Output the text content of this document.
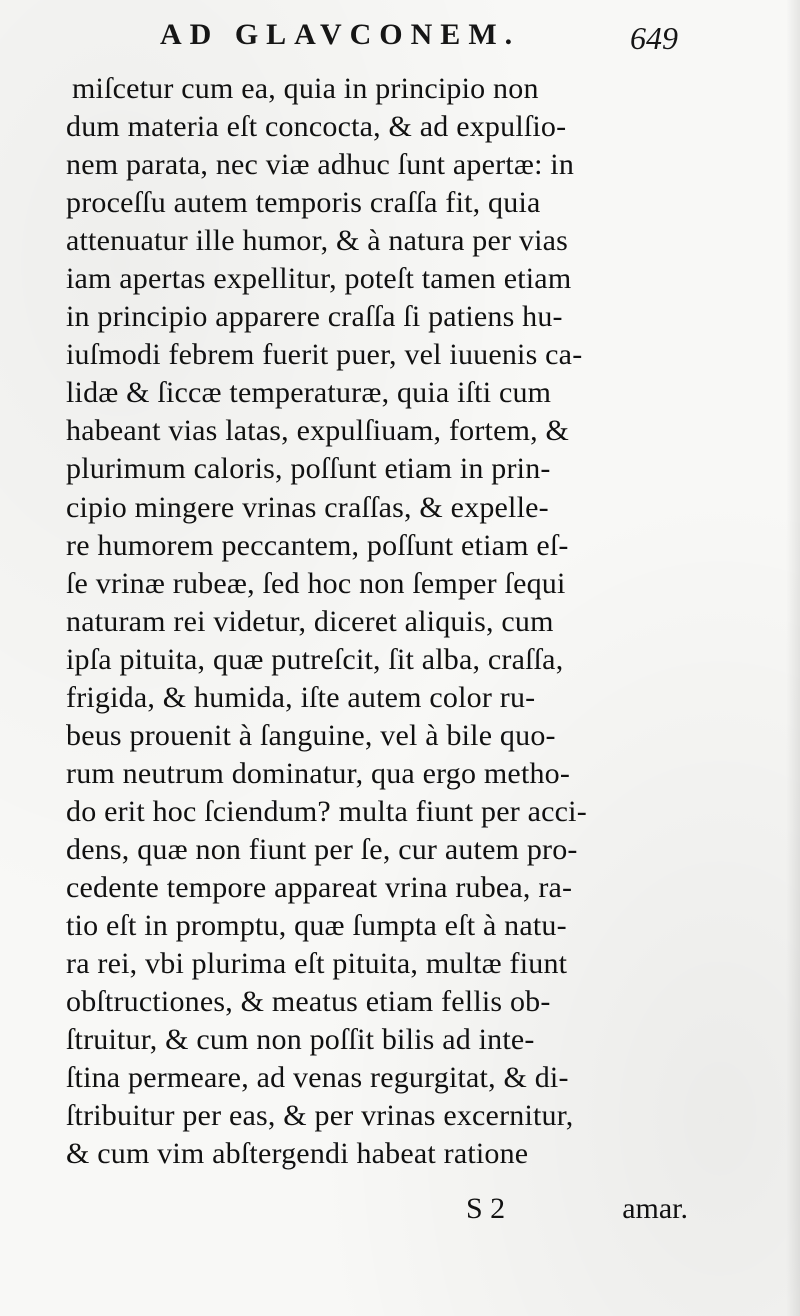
AD GLAVCONEM.	649
miſcetur cum ea, quia in principio non
dum materia eſt concocta, & ad expulſio-
nem parata, nec viæ adhuc ſunt apertæ: in
proceſſu autem temporis craſſa fit, quia
attenuatur ille humor, & à natura per vias
iam apertas expellitur, poteſt tamen etiam
in principio apparere craſſa ſi patiens hu-
iuſmodi febrem fuerit puer, vel iuuenis ca-
lidæ & ſiccæ temperaturæ, quia iſti cum
habeant vias latas, expulſiuam, fortem, &
plurimum caloris, poſſunt etiam in prin-
cipio mingere vrinas craſſas, & expelle-
re humorem peccantem, poſſunt etiam eſ-
ſe vrinæ rubeæ, ſed hoc non ſemper ſequi
naturam rei videtur, diceret aliquis, cum
ipſa pituita, quæ putreſcit, ſit alba, craſſa,
frigida, & humida, iſte autem color ru-
beus prouenit à ſanguine, vel à bile quo-
rum neutrum dominatur, qua ergo metho-
do erit hoc ſciendum? multa fiunt per acci-
dens, quæ non fiunt per ſe, cur autem pro-
cedente tempore appareat vrina rubea, ra-
tio eſt in promptu, quæ ſumpta eſt à natu-
ra rei, vbi plurima eſt pituita, multæ fiunt
obſtructiones, & meatus etiam fellis ob-
ſtruitur, & cum non poſſit bilis ad inte-
ſtina permeare, ad venas regurgitat, & di-
ſtribuitur per eas, & per vrinas excernitur,
& cum vim abſtergendi habeat ratione
S 2	amar.
